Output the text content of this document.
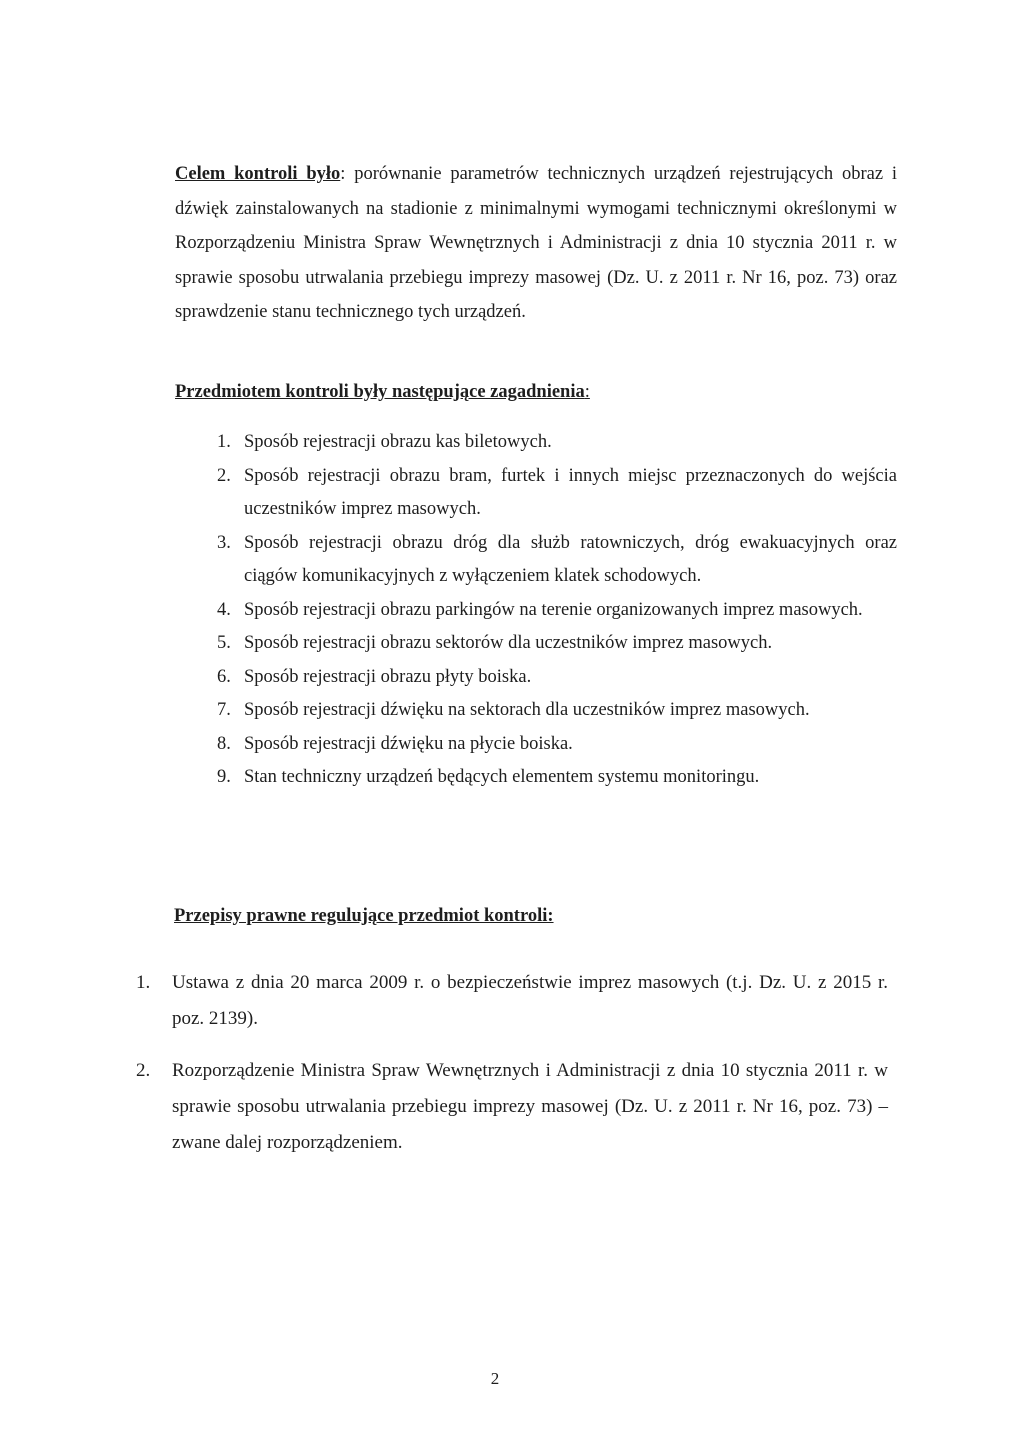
Celem kontroli było: porównanie parametrów technicznych urządzeń rejestrujących obraz i dźwięk zainstalowanych na stadionie z minimalnymi wymogami technicznymi określonymi w Rozporządzeniu Ministra Spraw Wewnętrznych i Administracji z dnia 10 stycznia 2011 r. w sprawie sposobu utrwalania przebiegu imprezy masowej (Dz. U. z 2011 r. Nr 16, poz. 73) oraz sprawdzenie stanu technicznego tych urządzeń.

Przedmiotem kontroli były następujące zagadnienia:
1. Sposób rejestracji obrazu kas biletowych.
2. Sposób rejestracji obrazu bram, furtek i innych miejsc przeznaczonych do wejścia uczestników imprez masowych.
3. Sposób rejestracji obrazu dróg dla służb ratowniczych, dróg ewakuacyjnych oraz ciągów komunikacyjnych z wyłączeniem klatek schodowych.
4. Sposób rejestracji obrazu parkingów na terenie organizowanych imprez masowych.
5. Sposób rejestracji obrazu sektorów dla uczestników imprez masowych.
6. Sposób rejestracji obrazu płyty boiska.
7. Sposób rejestracji dźwięku na sektorach dla uczestników imprez masowych.
8. Sposób rejestracji dźwięku na płycie boiska.
9. Stan techniczny urządzeń będących elementem systemu monitoringu.
Przepisy prawne regulujące przedmiot kontroli:
1. Ustawa z dnia 20 marca 2009 r. o bezpieczeństwie imprez masowych (t.j. Dz. U. z 2015 r. poz. 2139).
2. Rozporządzenie Ministra Spraw Wewnętrznych i Administracji z dnia 10 stycznia 2011 r. w sprawie sposobu utrwalania przebiegu imprezy masowej (Dz. U. z 2011 r. Nr 16, poz. 73) – zwane dalej rozporządzeniem.
2
